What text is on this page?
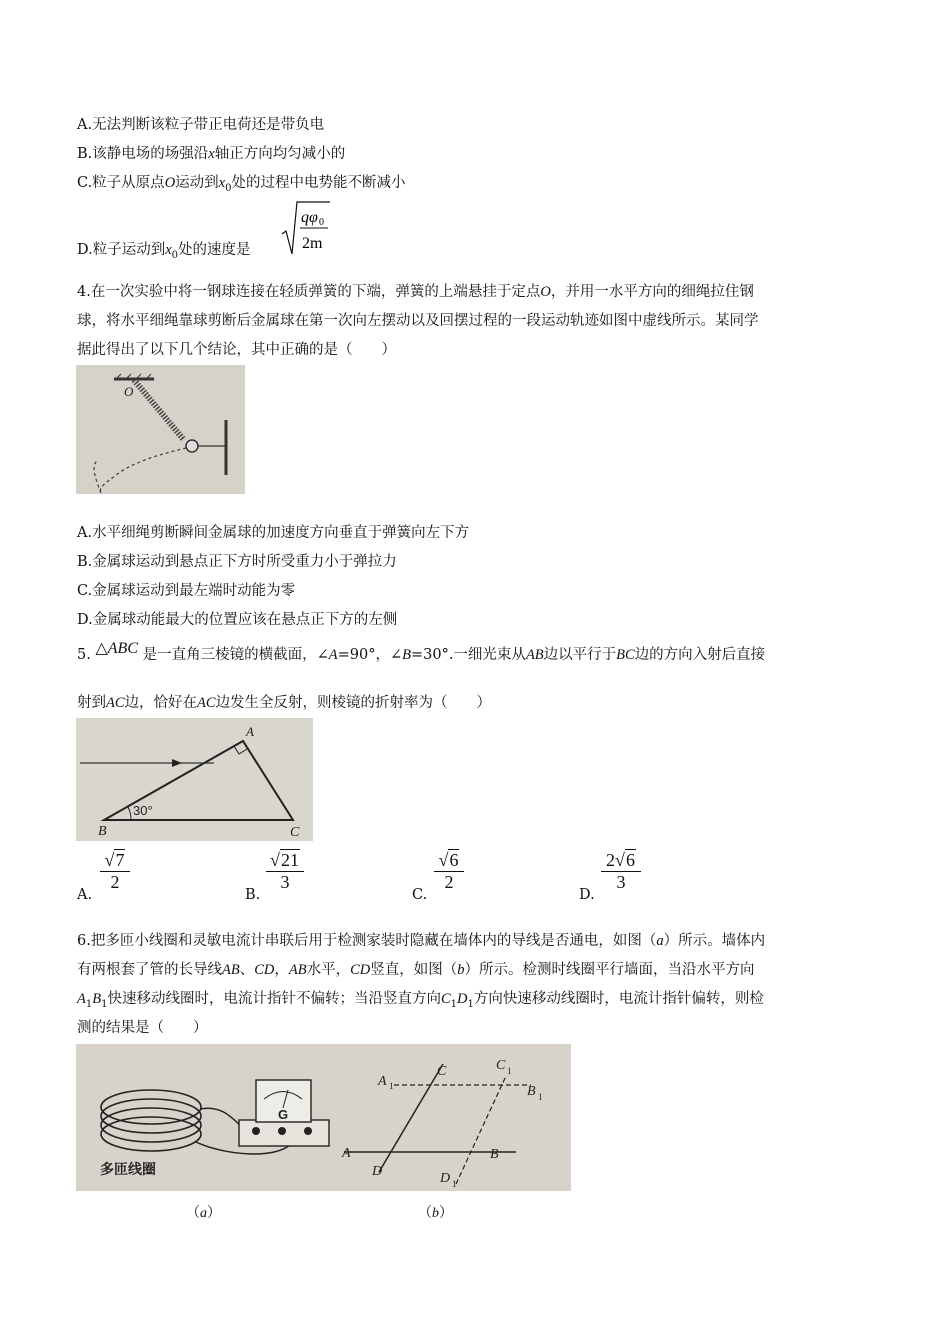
A.无法判断该粒子带正电荷还是带负电
B.该静电场的场强沿x轴正方向均匀减小的
C.粒子从原点O运动到$x_0$处的过程中电势能不断减小
D.粒子运动到$x_0$处的速度是
qφ 0
2m
4.在一次实验中将一钢球连接在轻质弹簧的下端，弹簧的上端悬挂于定点O，并用一水平方向的细绳拉住钢
球，将水平细绳靠球剪断后金属球在第一次向左摆动以及回摆过程的一段运动轨迹如图中虚线所示。某同学
据此得出了以下几个结论，其中正确的是（　　）
O
A.水平细绳剪断瞬间金属球的加速度方向垂直于弹簧向左下方
B.金属球运动到悬点正下方时所受重力小于弹拉力
C.金属球运动到最左端时动能为零
D.金属球动能最大的位置应该在悬点正下方的左侧
5. △ABC 是一直角三棱镜的横截面，∠A=90°，∠B=30°.一细光束从AB边以平行于BC边的方向入射后直接
射到AC边，恰好在AC边发生全反射，则棱镜的折射率为（　　）
30°
A
B	C
A.
$\frac{√7}{2}$
B.
$\frac{√21}{3}$
C.
$\frac{√6}{2}$
D.
$\frac{2√6}{3}$
6.把多匝小线圈和灵敏电流计串联后用于检测家装时隐藏在墙体内的导线是否通电，如图（a）所示。墙体内
有两根套了管的长导线AB、CD，AB水平，CD竖直，如图（b）所示。检测时线圈平行墙面，当沿水平方向
$A_1B_1$快速移动线圈时，电流计指针不偏转；当沿竖直方向$C_1D_1$方向快速移动线圈时，电流计指针偏转，则检
测的结果是（　　）
G
多匝线圈
A 1
C	C 1
B 1
A	B
D	D 1
（a）	（b）
